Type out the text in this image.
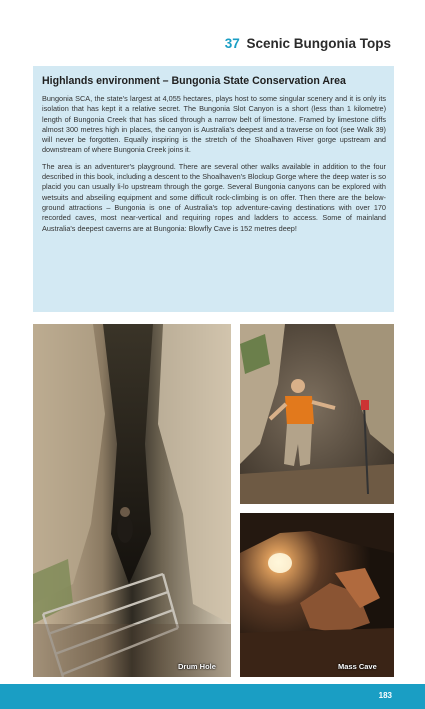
37 Scenic Bungonia Tops
Highlands environment – Bungonia State Conservation Area

Bungonia SCA, the state's largest at 4,055 hectares, plays host to some singular scenery and it is only its isolation that has kept it a relative secret. The Bungonia Slot Canyon is a short (less than 1 kilometre) length of Bungonia Creek that has sliced through a narrow belt of limestone. Framed by limestone cliffs almost 300 metres high in places, the canyon is Australia's deepest and a traverse on foot (see Walk 39) will never be forgotten. Equally inspiring is the stretch of the Shoalhaven River gorge upstream and downstream of where Bungonia Creek joins it.

The area is an adventurer's playground. There are several other walks available in addition to the four described in this book, including a descent to the Shoalhaven's Blockup Gorge where the deep water is so placid you can usually li-lo upstream through the gorge. Several Bungonia canyons can be explored with wetsuits and abseiling equipment and some difficult rock-climbing is on offer. Then there are the below-ground attractions – Bungonia is one of Australia's top adventure-caving destinations with over 170 recorded caves, most near-vertical and requiring ropes and ladders to access. Some of mainland Australia's deepest caverns are at Bungonia: Blowfly Cave is 152 metres deep!

Drum Hole	Mass Cave
183
